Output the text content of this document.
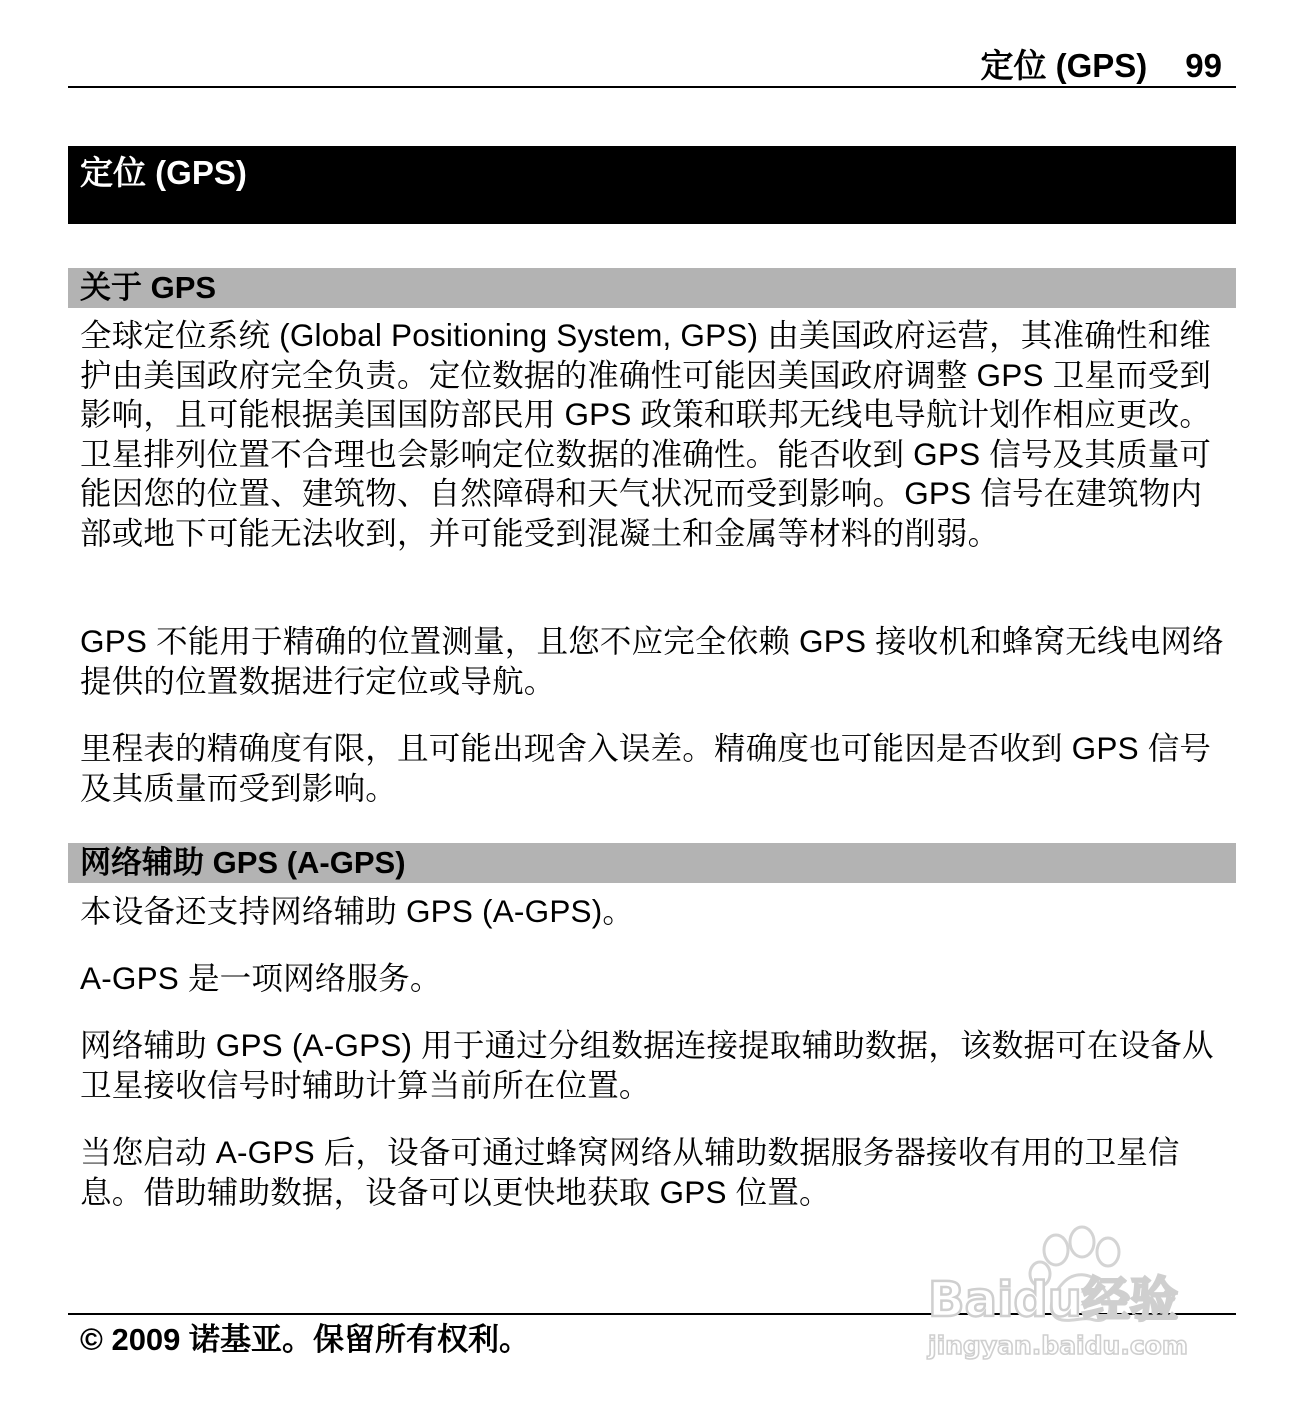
定位 (GPS) 99
定位 (GPS)
关于 GPS

全球定位系统 (Global Positioning System, GPS) 由美国政府运营，其准确性和维护由美国政府完全负责。定位数据的准确性可能因美国政府调整 GPS 卫星而受到影响，且可能根据美国国防部民用 GPS 政策和联邦无线电导航计划作相应更改。卫星排列位置不合理也会影响定位数据的准确性。能否收到 GPS 信号及其质量可能因您的位置、建筑物、自然障碍和天气状况而受到影响。GPS 信号在建筑物内部或地下可能无法收到，并可能受到混凝土和金属等材料的削弱。

GPS 不能用于精确的位置测量，且您不应完全依赖 GPS 接收机和蜂窝无线电网络提供的位置数据进行定位或导航。

里程表的精确度有限，且可能出现舍入误差。精确度也可能因是否收到 GPS 信号及其质量而受到影响。

网络辅助 GPS (A-GPS)

本设备还支持网络辅助 GPS (A-GPS)。

A-GPS 是一项网络服务。

网络辅助 GPS (A-GPS) 用于通过分组数据连接提取辅助数据，该数据可在设备从卫星接收信号时辅助计算当前所在位置。

当您启动 A-GPS 后，设备可通过蜂窝网络从辅助数据服务器接收有用的卫星信息。借助辅助数据，设备可以更快地获取 GPS 位置。

© 2009 诺基亚。保留所有权利。
Baidu经验
jingyan.baidu.com
